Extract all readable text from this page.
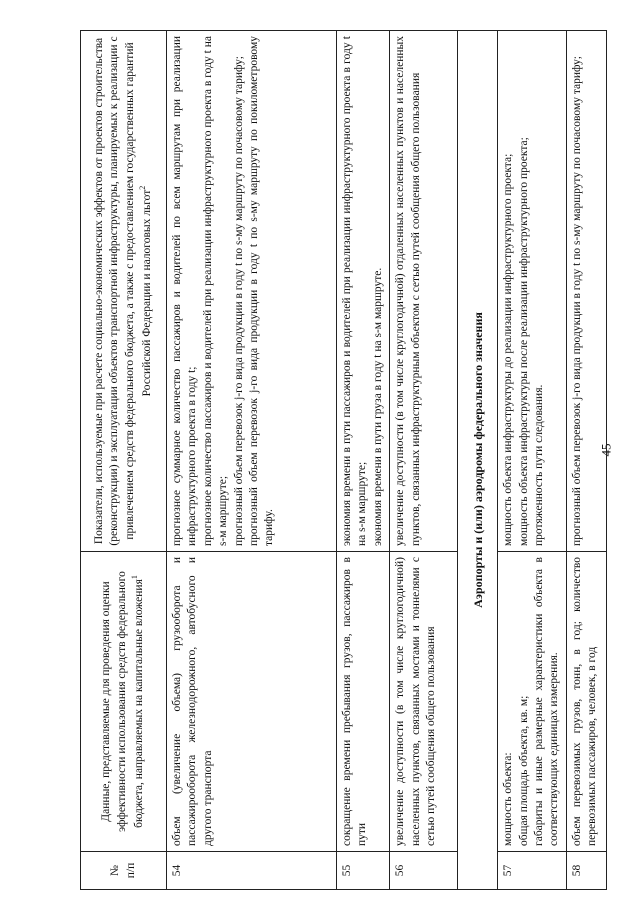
45
№
п/п	Данные, представляемые для проведения оценки эффективности использования средств федерального бюджета, направляемых на капитальные вложения$^1$	Показатели, используемые при расчете социально-экономических эффектов от проектов строительства (реконструкции) и эксплуатации объектов транспортной инфраструктуры, планируемых к реализации с привлечением средств федерального бюджета, а также с предоставлением государственных гарантий Российской Федерации и налоговых льгот$^2$
54	объем (увеличение объема) грузооборота и пассажирооборота железнодорожного, автобусного и другого транспорта	прогнозное суммарное количество пассажиров и водителей по всем маршрутам при реализации инфраструктурного проекта в году t; прогнозное количество пассажиров и водителей при реализации инфраструктурного проекта в году t на s-м маршруте; прогнозный объем перевозок j-го вида продукции в году t по s-му маршруту по почасовому тарифу; прогнозный объем перевозок j-го вида продукции в году t по s-му маршруту по покилометровому тарифу.

55	сокращение времени пребывания грузов, пассажиров в пути	экономия времени в пути пассажиров и водителей при реализации инфраструктурного проекта в году t на s-м маршруте; экономия времени в пути груза в году t на s-м маршруте.

56	увеличение доступности (в том числе круглогодичной) населенных пунктов, связанных мостами и тоннелями с сетью путей сообщения общего пользования	увеличение доступности (в том числе круглогодичной) отдаленных населенных пунктов и населенных пунктов, связанных инфраструктурным объектом с сетью путей сообщения общего пользования

Аэропорты и (или) аэродромы федерального значения		
57	мощность объекта: общая площадь объекта, кв. м; габариты и иные размерные характеристики объекта в соответствующих единицах измерения.	мощность объекта инфраструктуры до реализации инфраструктурного проекта; мощность объекта инфраструктуры после реализации инфраструктурного проекта; протяженность пути следования.

58	объем перевозимых грузов, тонн, в год; количество перевозимых пассажиров, человек, в год	прогнозный объем перевозок j-го вида продукции в году t по s-му маршруту по почасовому тарифу;
